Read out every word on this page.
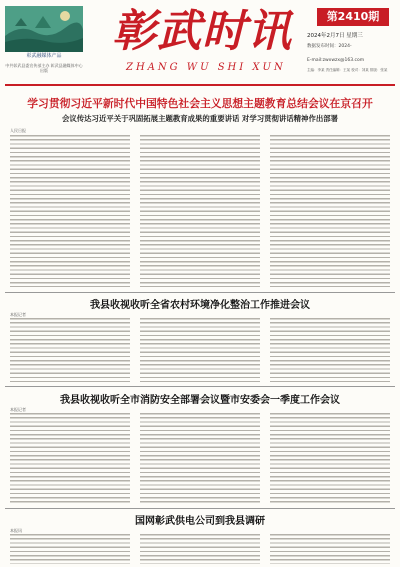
彰武融媒体产品
中共彰武县委宣传部主办 彰武县融媒体中心出版
彰武时讯
ZHANG WU SHI XUN
第2410期
2024年2月7日 星期三
数据发布时间：2024-
E-mail:zwxwzx@163.com
主编：李某 责任编辑：王某 校对：刘某 排版：张某
学习贯彻习近平新时代中国特色社会主义思想主题教育总结会议在京召开
会议传达习近平关于巩固拓展主题教育成果的重要讲话 对学习贯彻讲话精神作出部署
人民日报
我县收视收听全省农村环境净化整治工作推进会议
本报记者
我县收视收听全市消防安全部署会议暨市安委会一季度工作会议
本报记者
国网彰武供电公司到我县调研
本报讯
